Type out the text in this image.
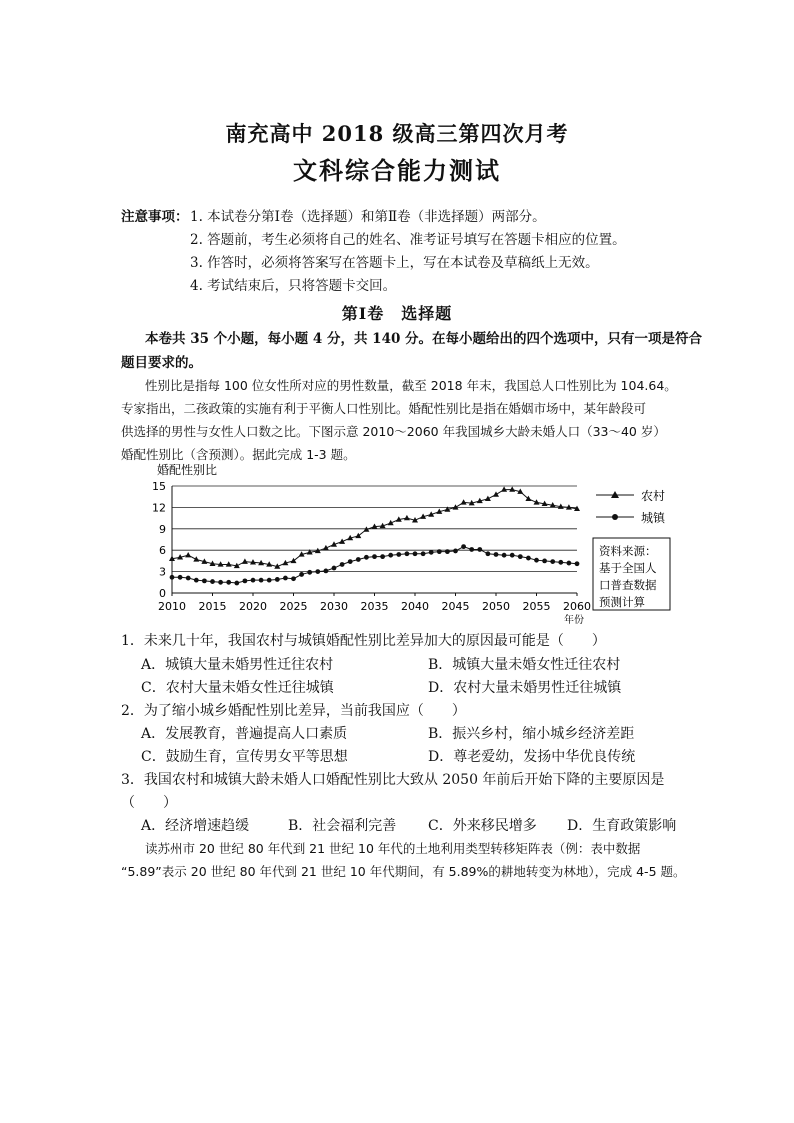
南充高中 2018 级高三第四次月考
文科综合能力测试
注意事项： 1. 本试卷分第Ⅰ卷（选择题）和第Ⅱ卷（非选择题）两部分。
2. 答题前，考生必须将自己的姓名、准考证号填写在答题卡相应的位置。
3. 作答时，必须将答案写在答题卡上，写在本试卷及草稿纸上无效。
4. 考试结束后，只将答题卡交回。
第Ⅰ卷　选择题
本卷共 35 个小题，每小题 4 分，共 140 分。在每小题给出的四个选项中，只有一项是符合
题目要求的。
性别比是指每 100 位女性所对应的男性数量，截至 2018 年末，我国总人口性别比为 104.64。
专家指出，二孩政策的实施有利于平衡人口性别比。婚配性别比是指在婚姻市场中，某年龄段可
供选择的男性与女性人口数之比。下图示意 2010～2060 年我国城乡大龄未婚人口（33～40 岁）
婚配性别比（含预测）。据此完成 1-3 题。
0
3
6
9
12
15
2010 2015 2020 2025 2030 2035 2040 2045 2050 2055 2060
婚配性别比
年份
农村
城镇
资料来源：
基于全国人
口普查数据
预测计算
1．未来几十年，我国农村与城镇婚配性别比差异加大的原因最可能是（　　）
A．城镇大量未婚男性迁往农村	B．城镇大量未婚女性迁往农村
C．农村大量未婚女性迁往城镇	D．农村大量未婚男性迁往城镇
2．为了缩小城乡婚配性别比差异，当前我国应（　　）
A．发展教育，普遍提高人口素质	B．振兴乡村，缩小城乡经济差距
C．鼓励生育，宣传男女平等思想	D．尊老爱幼，发扬中华优良传统
3．我国农村和城镇大龄未婚人口婚配性别比大致从 2050 年前后开始下降的主要原因是
（　　）
A．经济增速趋缓	B．社会福利完善 C．外来移民增多 D．生育政策影响
读苏州市 20 世纪 80 年代到 21 世纪 10 年代的土地利用类型转移矩阵表（例：表中数据
“5.89”表示 20 世纪 80 年代到 21 世纪 10 年代期间，有 5.89%的耕地转变为林地），完成 4-5 题。
